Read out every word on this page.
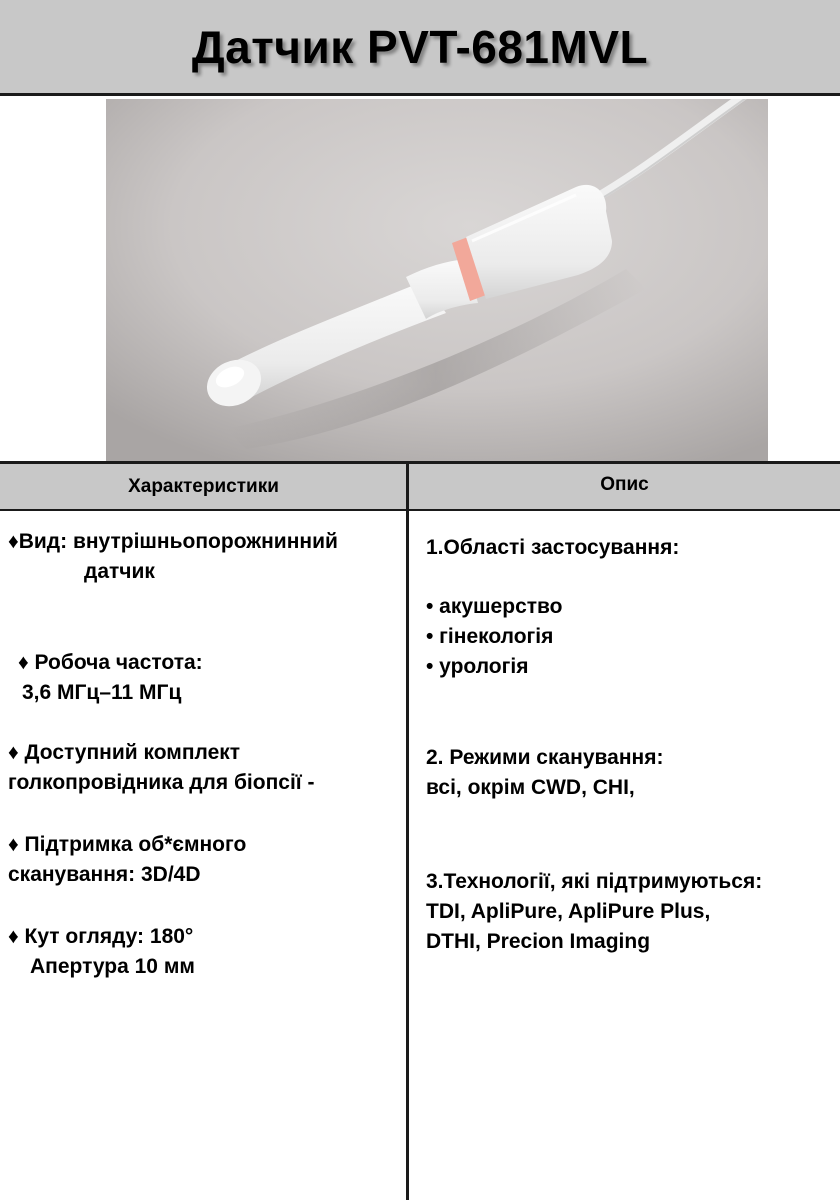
Датчик PVT-681MVL
Характеристики	Опис
♦Вид: внутрішньопорожнинний
датчик
♦ Робоча частота:
3,6 МГц–11 МГц
♦ Доступний комплект
голкопровідника для біопсії -
♦ Підтримка об*ємного
сканування: 3D/4D
♦ Кут огляду: 180°
Апертура 10 мм
1.Області застосування:
• акушерство
• гінекологія
• урологія
2. Режими сканування:
всі, окрім CWD, CHI,
3.Технології, які підтримуються:
TDI, ApliPure, ApliPure Plus,
DTHI, Precion Imaging
